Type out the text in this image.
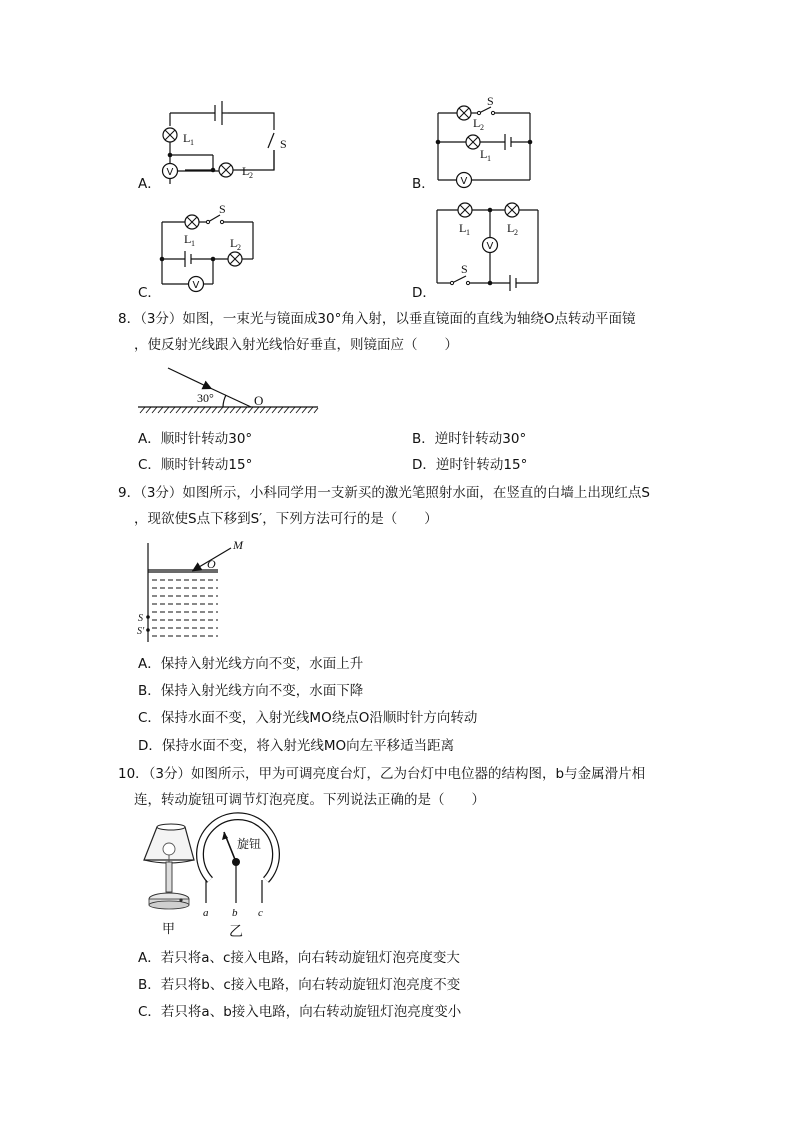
A．
V
L 1
L 2
S
B．	V
S
L 2
L 1
C．	V
S
L 1	L 2
D．
V
S
L 1	L 2
8．（3分）如图，一束光与镜面成30°角入射，以垂直镜面的直线为轴绕O点转动平面镜
，使反射光线跟入射光线恰好垂直，则镜面应（　　）
30°	O
A．顺时针转动30°	B．逆时针转动30°
C．顺时针转动15°	D．逆时针转动15°
9．（3分）如图所示，小科同学用一支新买的激光笔照射水面，在竖直的白墙上出现红点S
，现欲使S点下移到S′，下列方法可行的是（　　）
M
O
S
S′
A．保持入射光线方向不变，水面上升
B．保持入射光线方向不变，水面下降
C．保持水面不变，入射光线MO绕点O沿顺时针方向转动
D．保持水面不变，将入射光线MO向左平移适当距离
10．（3分）如图所示，甲为可调亮度台灯，乙为台灯中电位器的结构图，b与金属滑片相
连，转动旋钮可调节灯泡亮度。下列说法正确的是（　　）
旋钮
a b c
甲	乙
A．若只将a、c接入电路，向右转动旋钮灯泡亮度变大
B．若只将b、c接入电路，向右转动旋钮灯泡亮度不变
C．若只将a、b接入电路，向右转动旋钮灯泡亮度变小
